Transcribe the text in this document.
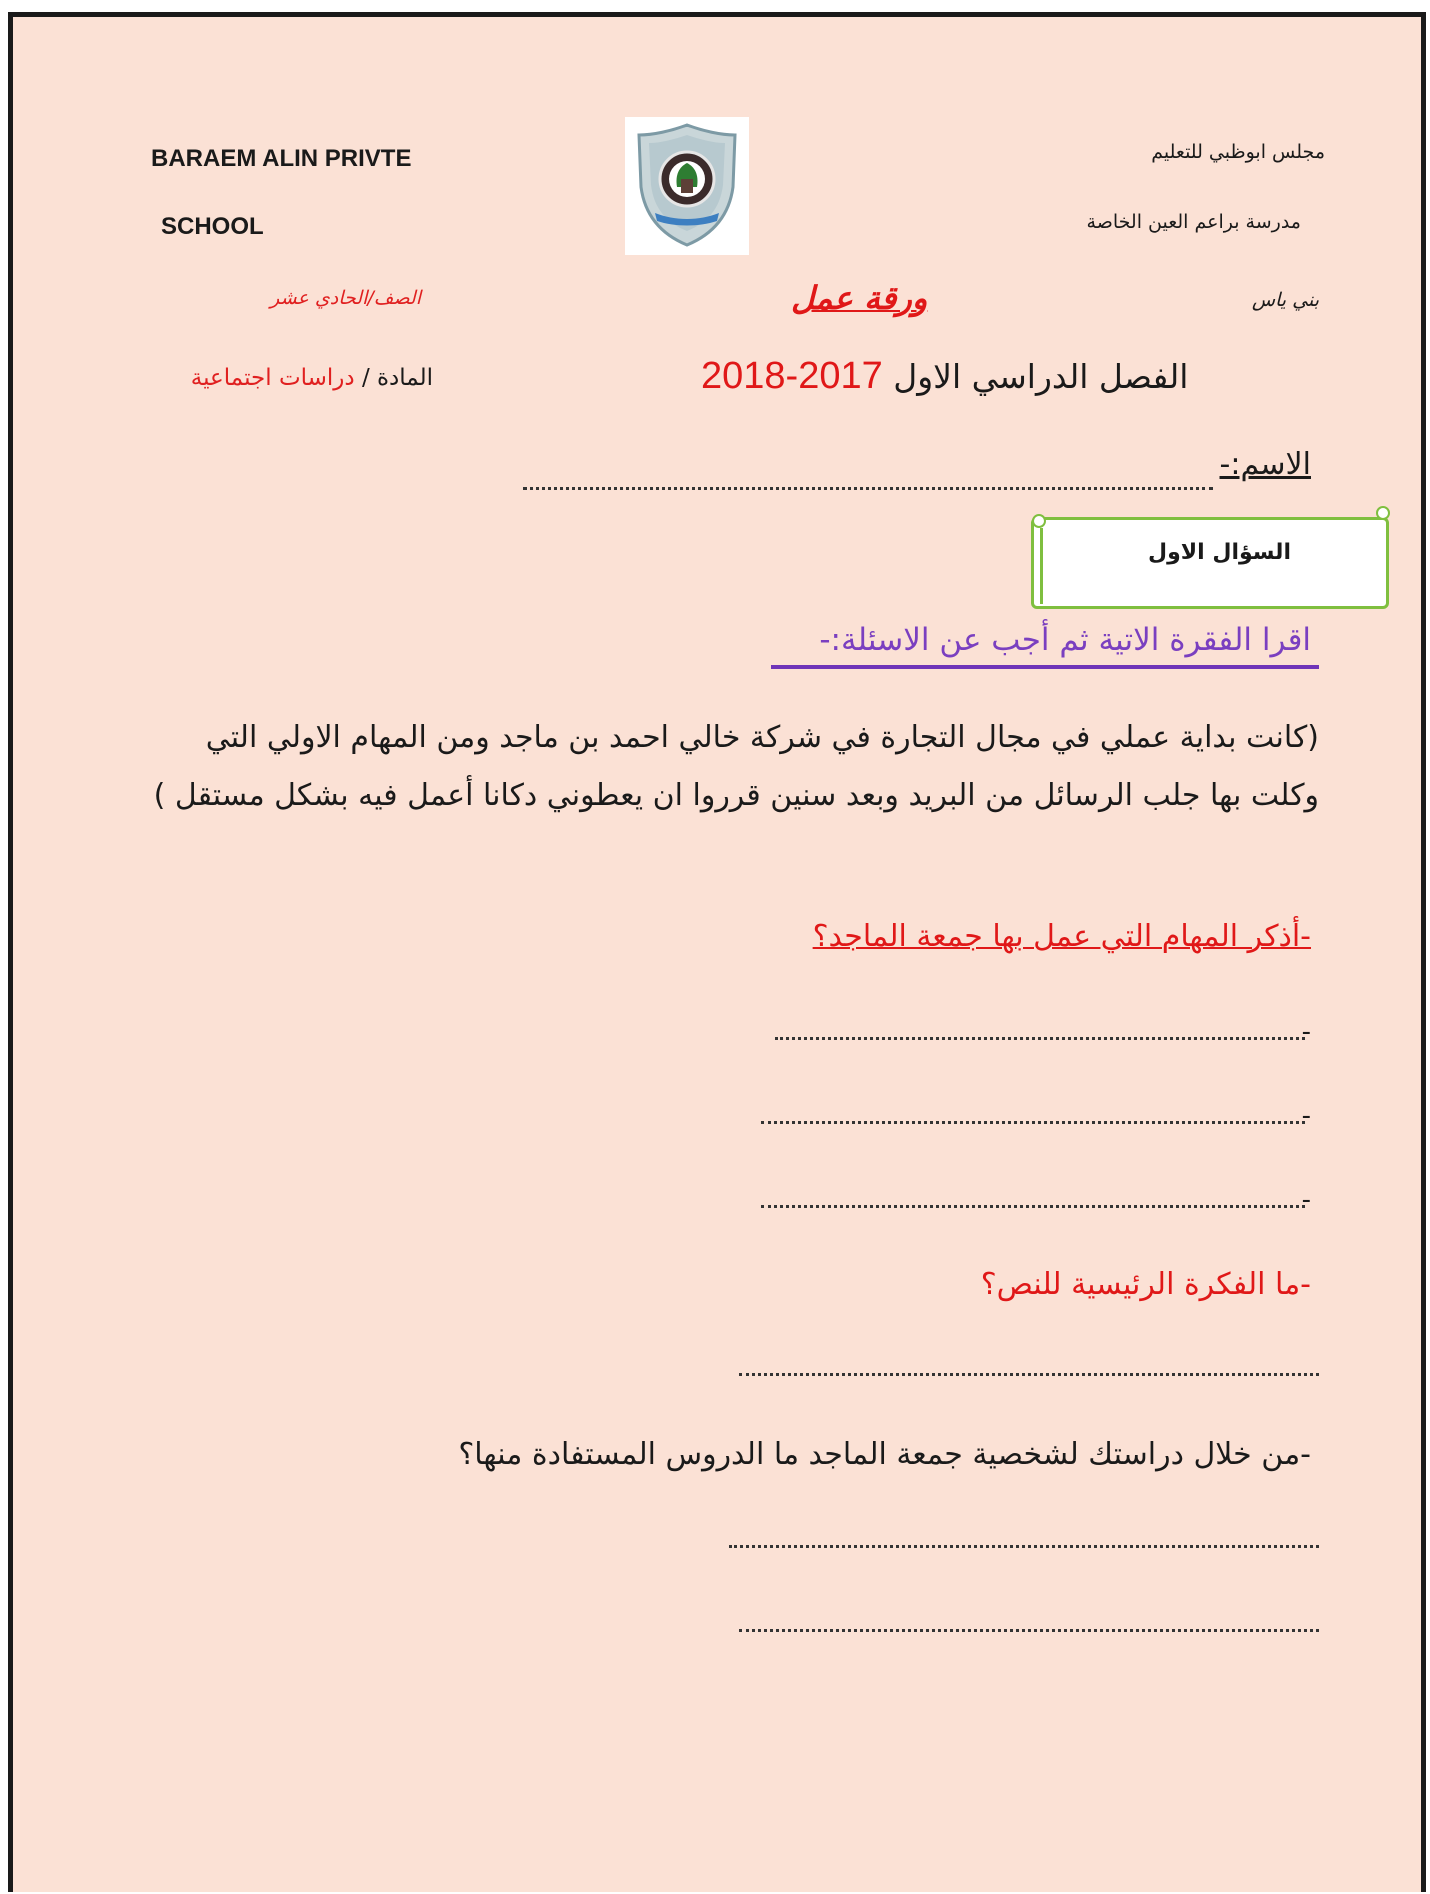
BARAEM ALIN PRIVTE
SCHOOL
مجلس ابوظبي للتعليم
مدرسة براعم العين الخاصة
الصف/الحادي عشر	ورقة عمل	بني ياس
المادة / دراسات اجتماعية	الفصل الدراسي الاول 2017-2018
الاسم:-
السؤال الاول
اقرا الفقرة الاتية ثم أجب عن الاسئلة:-
(كانت بداية عملي في مجال التجارة في شركة خالي احمد بن ماجد ومن المهام الاولي التي وكلت بها جلب الرسائل من البريد وبعد سنين قرروا ان يعطوني دكانا أعمل فيه بشكل مستقل )
-أذكر المهام التي عمل بها جمعة الماجد؟
-
-
-
-ما الفكرة الرئيسية للنص؟
-من خلال دراستك لشخصية جمعة الماجد ما الدروس المستفادة منها؟
